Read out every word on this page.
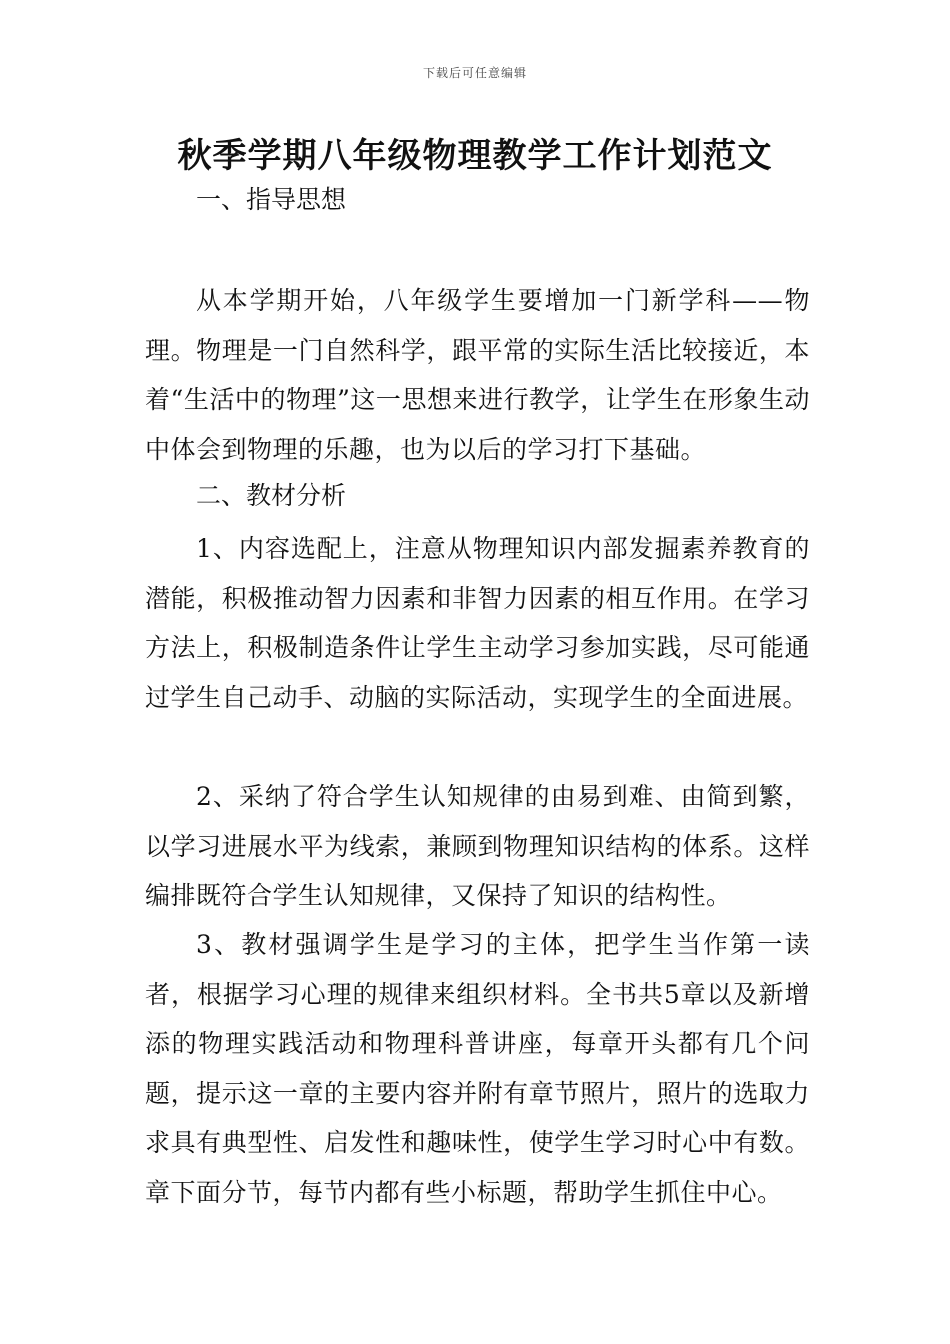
下载后可任意编辑
秋季学期八年级物理教学工作计划范文
一、指导思想

从本学期开始，八年级学生要增加一门新学科——物理。物理是一门自然科学，跟平常的实际生活比较接近，本着“生活中的物理”这一思想来进行教学，让学生在形象生动中体会到物理的乐趣，也为以后的学习打下基础。

二、教材分析

1、内容选配上，注意从物理知识内部发掘素养教育的潜能，积极推动智力因素和非智力因素的相互作用。在学习方法上，积极制造条件让学生主动学习参加实践，尽可能通过学生自己动手、动脑的实际活动，实现学生的全面进展。

2、采纳了符合学生认知规律的由易到难、由简到繁，以学习进展水平为线索，兼顾到物理知识结构的体系。这样编排既符合学生认知规律，又保持了知识的结构性。

3、教材强调学生是学习的主体，把学生当作第一读者，根据学习心理的规律来组织材料。全书共5章以及新增添的物理实践活动和物理科普讲座，每章开头都有几个问题，提示这一章的主要内容并附有章节照片，照片的选取力求具有典型性、启发性和趣味性，使学生学习时心中有数。章下面分节，每节内都有些小标题，帮助学生抓住中心。
